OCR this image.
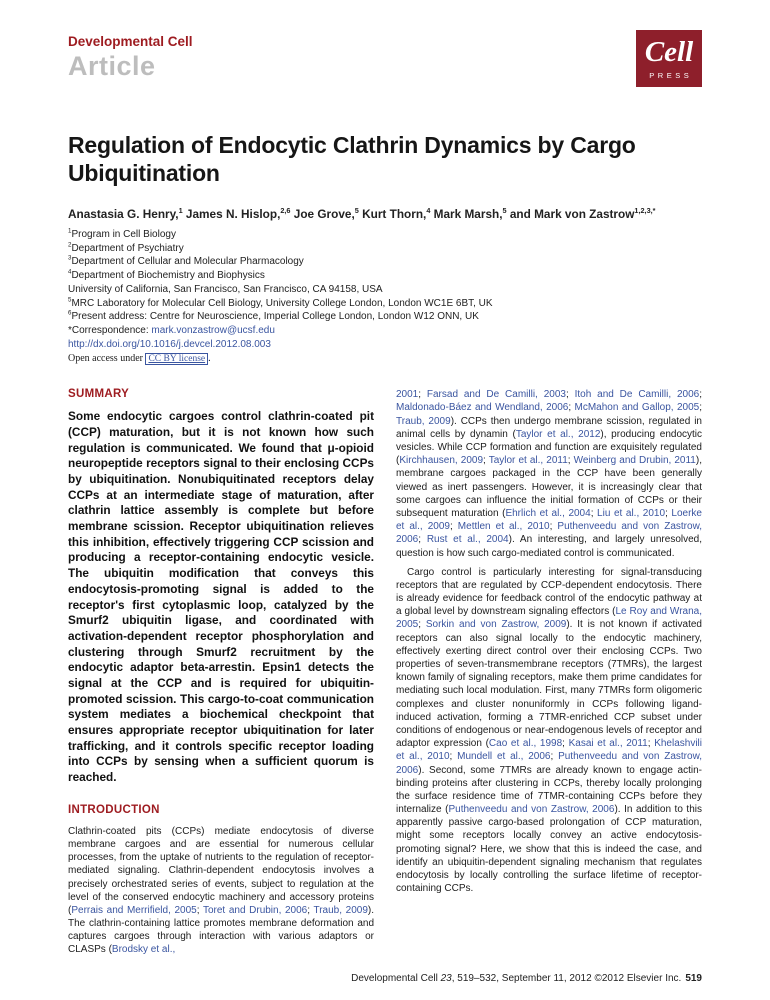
Developmental Cell
Article	Cell
PRESS
Regulation of Endocytic Clathrin Dynamics by Cargo Ubiquitination
Anastasia G. Henry,$^1$ James N. Hislop,$^{2,6}$ Joe Grove,$^5$ Kurt Thorn,$^4$ Mark Marsh,$^5$ and Mark von Zastrow$^{1,2,3,*}$
$^1$Program in Cell Biology
$^2$Department of Psychiatry
$^3$Department of Cellular and Molecular Pharmacology
$^4$Department of Biochemistry and Biophysics
University of California, San Francisco, San Francisco, CA 94158, USA
$^5$MRC Laboratory for Molecular Cell Biology, University College London, London WC1E 6BT, UK
$^6$Present address: Centre for Neuroscience, Imperial College London, London W12 ONN, UK
*Correspondence: mark.vonzastrow@ucsf.edu
http://dx.doi.org/10.1016/j.devcel.2012.08.003
Open access under CC BY license .
SUMMARY
Some endocytic cargoes control clathrin-coated pit (CCP) maturation, but it is not known how such regulation is communicated. We found that μ-opioid neuropeptide receptors signal to their enclosing CCPs by ubiquitination. Nonubiquitinated receptors delay CCPs at an intermediate stage of maturation, after clathrin lattice assembly is complete but before membrane scission. Receptor ubiquitination relieves this inhibition, effectively triggering CCP scission and producing a receptor-containing endocytic vesicle. The ubiquitin modification that conveys this endocytosis-promoting signal is added to the receptor's first cytoplasmic loop, catalyzed by the Smurf2 ubiquitin ligase, and coordinated with activation-dependent receptor phosphorylation and clustering through Smurf2 recruitment by the endocytic adaptor beta-arrestin. Epsin1 detects the signal at the CCP and is required for ubiquitin-promoted scission. This cargo-to-coat communication system mediates a biochemical checkpoint that ensures appropriate receptor ubiquitination for later trafficking, and it controls specific receptor loading into CCPs by sensing when a sufficient quorum is reached.
INTRODUCTION

Clathrin-coated pits (CCPs) mediate endocytosis of diverse membrane cargoes and are essential for numerous cellular processes, from the uptake of nutrients to the regulation of receptor-mediated signaling. Clathrin-dependent endocytosis involves a precisely orchestrated series of events, subject to regulation at the level of the conserved endocytic machinery and accessory proteins (Perrais and Merrifield, 2005; Toret and Drubin, 2006; Traub, 2009). The clathrin-containing lattice promotes membrane deformation and captures cargoes through interaction with various adaptors or CLASPs (Brodsky et al.,

2001; Farsad and De Camilli, 2003; Itoh and De Camilli, 2006; Maldonado-Báez and Wendland, 2006; McMahon and Gallop, 2005; Traub, 2009). CCPs then undergo membrane scission, regulated in animal cells by dynamin (Taylor et al., 2012), producing endocytic vesicles. While CCP formation and function are exquisitely regulated (Kirchhausen, 2009; Taylor et al., 2011; Weinberg and Drubin, 2011), membrane cargoes packaged in the CCP have been generally viewed as inert passengers. However, it is increasingly clear that some cargoes can influence the initial formation of CCPs or their subsequent maturation (Ehrlich et al., 2004; Liu et al., 2010; Loerke et al., 2009; Mettlen et al., 2010; Puthenveedu and von Zastrow, 2006; Rust et al., 2004). An interesting, and largely unresolved, question is how such cargo-mediated control is communicated.

Cargo control is particularly interesting for signal-transducing receptors that are regulated by CCP-dependent endocytosis. There is already evidence for feedback control of the endocytic pathway at a global level by downstream signaling effectors (Le Roy and Wrana, 2005; Sorkin and von Zastrow, 2009). It is not known if activated receptors can also signal locally to the endocytic machinery, effectively exerting direct control over their enclosing CCPs. Two properties of seven-transmembrane receptors (7TMRs), the largest known family of signaling receptors, make them prime candidates for mediating such local modulation. First, many 7TMRs form oligomeric complexes and cluster nonuniformly in CCPs following ligand-induced activation, forming a 7TMR-enriched CCP subset under conditions of endogenous or near-endogenous levels of receptor and adaptor expression (Cao et al., 1998; Kasai et al., 2011; Khelashvili et al., 2010; Mundell et al., 2006; Puthenveedu and von Zastrow, 2006). Second, some 7TMRs are already known to engage actin-binding proteins after clustering in CCPs, thereby locally prolonging the surface residence time of 7TMR-containing CCPs before they internalize (Puthenveedu and von Zastrow, 2006). In addition to this apparently passive cargo-based prolongation of CCP maturation, might some receptors locally convey an active endocytosis-promoting signal? Here, we show that this is indeed the case, and identify an ubiquitin-dependent signaling mechanism that regulates endocytosis by locally controlling the surface lifetime of receptor-containing CCPs.

Developmental Cell 23, 519–532, September 11, 2012 ©2012 Elsevier Inc. 519
